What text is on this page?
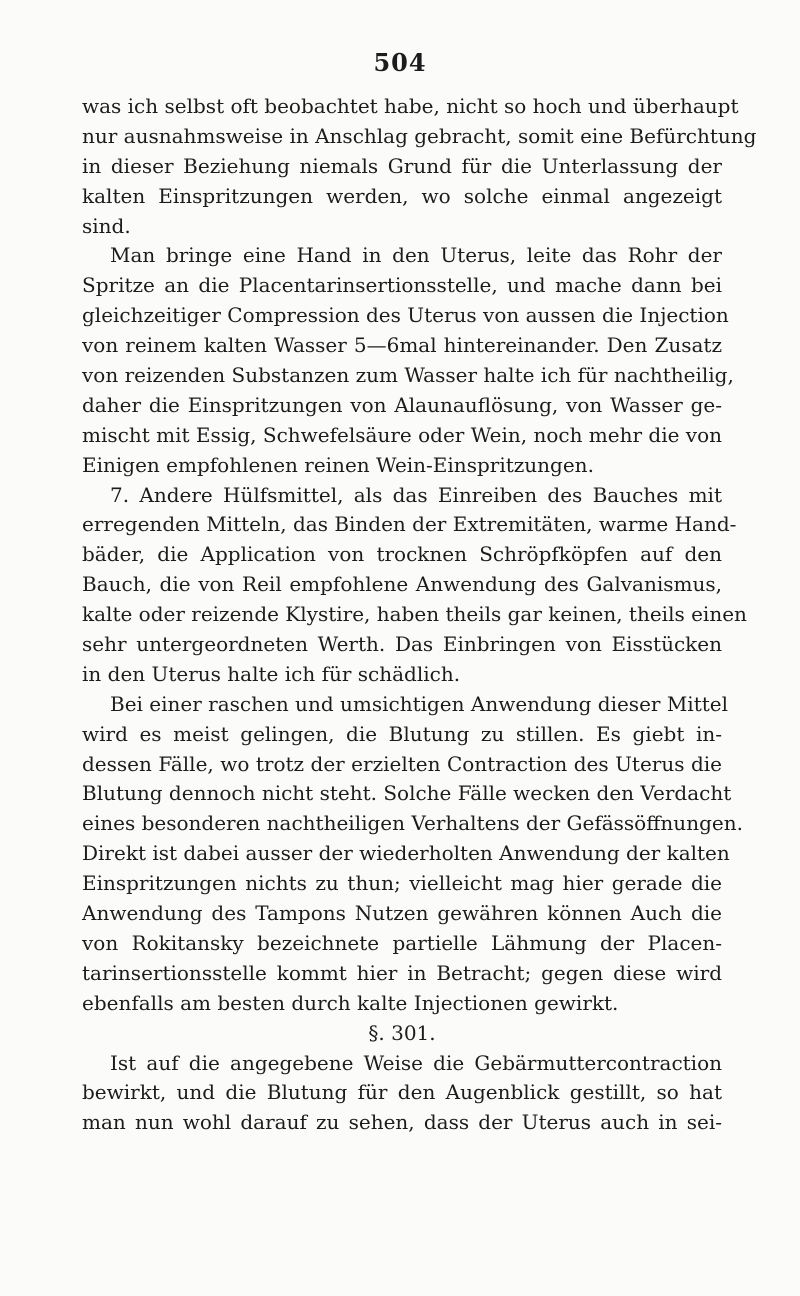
504
was ich selbst oft beobachtet habe, nicht so hoch und überhaupt
nur ausnahmsweise in Anschlag gebracht, somit eine Befürchtung
in dieser Beziehung niemals Grund für die Unterlassung der
kalten Einspritzungen werden, wo solche einmal angezeigt
sind.
Man bringe eine Hand in den Uterus, leite das Rohr der
Spritze an die Placentarinsertionsstelle, und mache dann bei
gleichzeitiger Compression des Uterus von aussen die Injection
von reinem kalten Wasser 5—6mal hintereinander. Den Zusatz
von reizenden Substanzen zum Wasser halte ich für nachtheilig,
daher die Einspritzungen von Alaunauflösung, von Wasser ge-
mischt mit Essig, Schwefelsäure oder Wein, noch mehr die von
Einigen empfohlenen reinen Wein-Einspritzungen.
7. Andere Hülfsmittel, als das Einreiben des Bauches mit
erregenden Mitteln, das Binden der Extremitäten, warme Hand-
bäder, die Application von trocknen Schröpfköpfen auf den
Bauch, die von Reil empfohlene Anwendung des Galvanismus,
kalte oder reizende Klystire, haben theils gar keinen, theils einen
sehr untergeordneten Werth. Das Einbringen von Eisstücken
in den Uterus halte ich für schädlich.
Bei einer raschen und umsichtigen Anwendung dieser Mittel
wird es meist gelingen, die Blutung zu stillen. Es giebt in-
dessen Fälle, wo trotz der erzielten Contraction des Uterus die
Blutung dennoch nicht steht. Solche Fälle wecken den Verdacht
eines besonderen nachtheiligen Verhaltens der Gefässöffnungen.
Direkt ist dabei ausser der wiederholten Anwendung der kalten
Einspritzungen nichts zu thun; vielleicht mag hier gerade die
Anwendung des Tampons Nutzen gewähren können Auch die
von Rokitansky bezeichnete partielle Lähmung der Placen-
tarinsertionsstelle kommt hier in Betracht; gegen diese wird
ebenfalls am besten durch kalte Injectionen gewirkt.
§. 301.
Ist auf die angegebene Weise die Gebärmuttercontraction
bewirkt, und die Blutung für den Augenblick gestillt, so hat
man nun wohl darauf zu sehen, dass der Uterus auch in sei-
